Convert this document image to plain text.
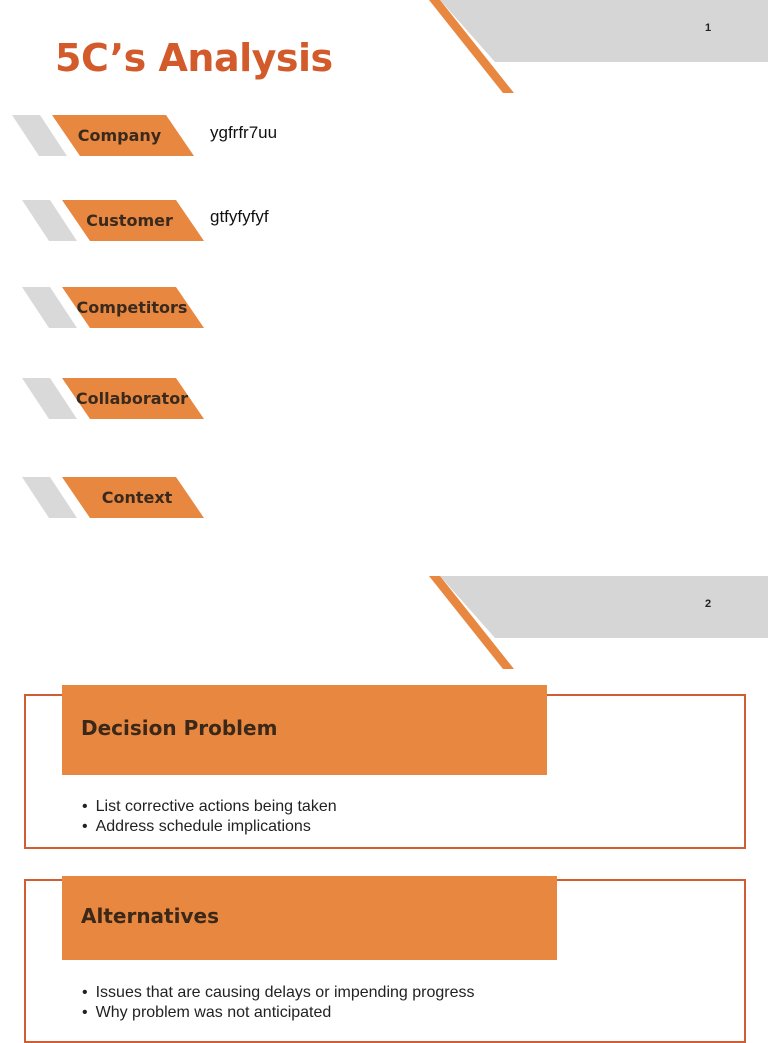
1
5C’s Analysis
Company	ygfrfr7uu
Customer	gtfyfyfyf
Competitors
Collaborator
Context
2
Decision Problem
• List corrective actions being taken
• Address schedule implications
Alternatives
• Issues that are causing delays or impending progress
• Why problem was not anticipated
